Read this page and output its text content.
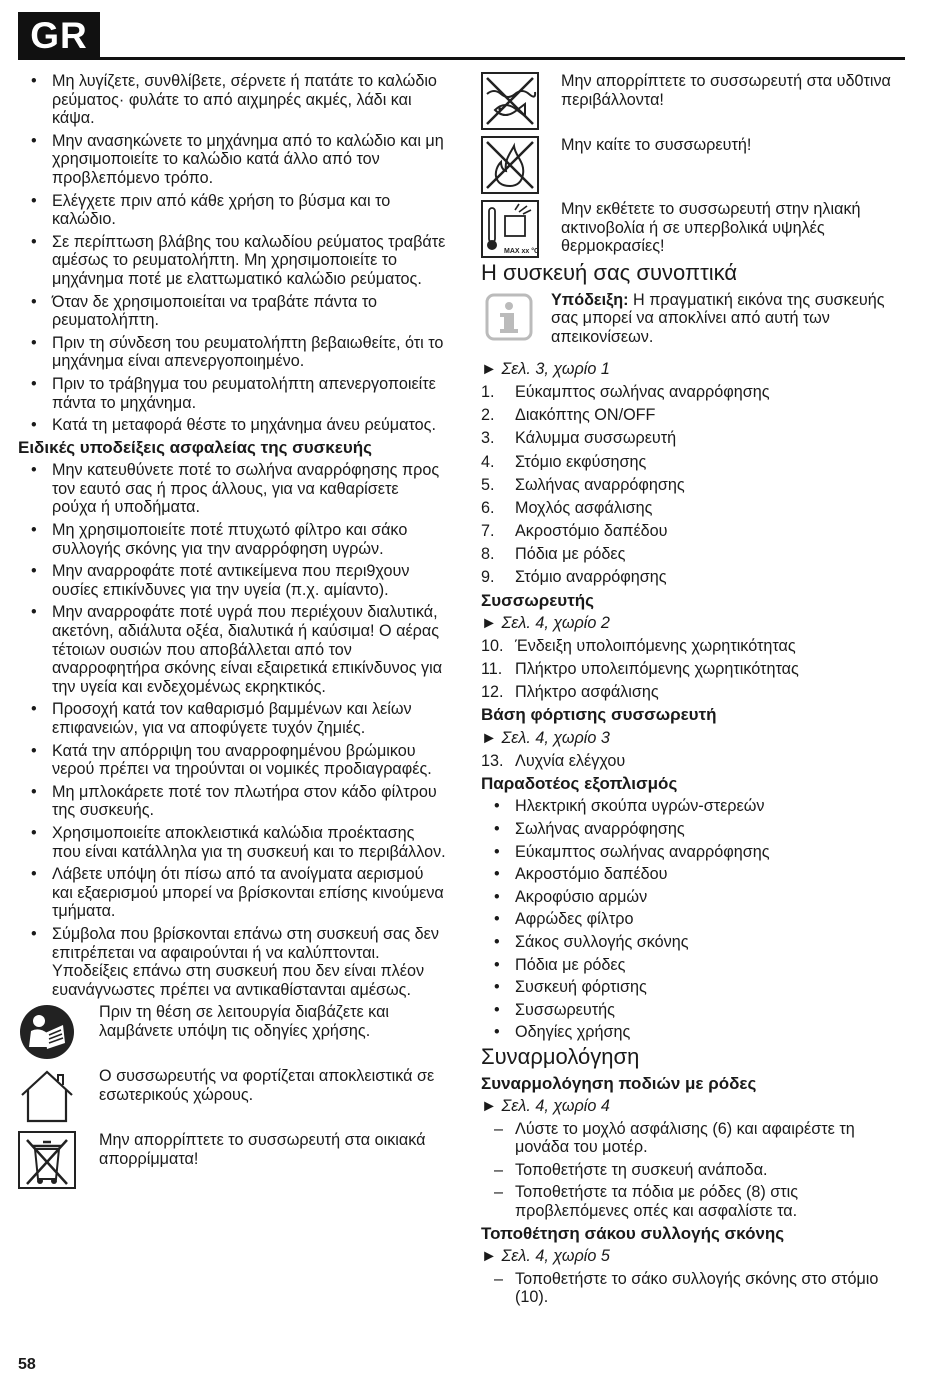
GR
• Μη λυγίζετε, συνθλίβετε, σέρνετε ή πατάτε το καλώδιο ρεύματος· φυλάτε το από αιχμηρές ακμές, λάδι και κάψα.
• Μην ανασηκώνετε το μηχάνημα από το καλώδιο και μη χρησιμοποιείτε το καλώδιο κατά άλλο από τον προβλεπόμενο τρόπο.
• Ελέγχετε πριν από κάθε χρήση το βύσμα και το καλώδιο.
• Σε περίπτωση βλάβης του καλωδίου ρεύματος τραβάτε αμέσως το ρευματολήπτη. Μη χρησιμοποιείτε το μηχάνημα ποτέ με ελαττωματικό καλώδιο ρεύματος.
• Όταν δε χρησιμοποιείται να τραβάτε πάντα το ρευματολήπτη.
• Πριν τη σύνδεση του ρευματολήπτη βεβαιωθείτε, ότι το μηχάνημα είναι απενεργοποιημένο.
• Πριν το τράβηγμα του ρευματολήπτη απενεργοποιείτε πάντα το μηχάνημα.
• Κατά τη μεταφορά θέστε το μηχάνημα άνευ ρεύματος.
Ειδικές υποδείξεις ασφαλείας της συσκευής
• Μην κατευθύνετε ποτέ το σωλήνα αναρρόφησης προς τον εαυτό σας ή προς άλλους, για να καθαρίσετε ρούχα ή υποδήματα.
• Μη χρησιμοποιείτε ποτέ πτυχωτό φίλτρο και σάκο συλλογής σκόνης για την αναρρόφηση υγρών.
• Μην αναρροφάτε ποτέ αντικείμενα που περι9χουν ουσίες επικίνδυνες για την υγεία (π.χ. αμίαντο).
• Μην αναρροφάτε ποτέ υγρά που περιέχουν διαλυτικά, ακετόνη, αδιάλυτα οξέα, διαλυτικά ή καύσιμα! Ο αέρας τέτοιων ουσιών που αποβάλλεται από τον αναρροφητήρα σκόνης είναι εξαιρετικά επικίνδυνος για την υγεία και ενδεχομένως εκρηκτικός.
• Προσοχή κατά τον καθαρισμό βαμμένων και λείων επιφανειών, για να αποφύγετε τυχόν ζημιές.
• Κατά την απόρριψη του αναρροφημένου βρώμικου νερού πρέπει να τηρούνται οι νομικές προδιαγραφές.
• Μη μπλοκάρετε ποτέ τον πλωτήρα στον κάδο φίλτρου της συσκευής.
• Χρησιμοποιείτε αποκλειστικά καλώδια προέκτασης που είναι κατάλληλα για τη συσκευή και το περιβάλλον.
• Λάβετε υπόψη ότι πίσω από τα ανοίγματα αερισμού και εξαερισμού μπορεί να βρίσκονται επίσης κινούμενα τμήματα.
• Σύμβολα που βρίσκονται επάνω στη συσκευή σας δεν επιτρέπεται να αφαιρούνται ή να καλύπτονται. Υποδείξεις επάνω στη συσκευή που δεν είναι πλέον ευανάγνωστες πρέπει να αντικαθίστανται αμέσως.
Πριν τη θέση σε λειτουργία διαβάζετε και λαμβάνετε υπόψη τις οδηγίες χρήσης.
Ο συσσωρευτής να φορτίζεται αποκλειστικά σε εσωτερικούς χώρους.
Μην απορρίπτετε το συσσωρευτή στα οικιακά απορρίμματα!
Μην απορρίπτετε το συσσωρευτή στα υδ0τινα περιβάλλοντα!
Μην καίτε το συσσωρευτή!
MAX xx °C
Μην εκθέτετε το συσσωρευτή στην ηλιακή ακτινοβολία ή σε υπερβολικά υψηλές θερμοκρασίες!
Η συσκευή σας συνοπτικά
Υπόδειξη: Η πραγματική εικόνα της συσκευής σας μπορεί να αποκλίνει από αυτή των απεικονίσεων.
► Σελ. 3, χωρίο 1
1. Εύκαμπτος σωλήνας αναρρόφησης
2. Διακόπτης ON/OFF
3. Κάλυμμα συσσωρευτή
4. Στόμιο εκφύσησης
5. Σωλήνας αναρρόφησης
6. Μοχλός ασφάλισης
7. Ακροστόμιο δαπέδου
8. Πόδια με ρόδες
9. Στόμιο αναρρόφησης
Συσσωρευτής
► Σελ. 4, χωρίο 2
10. Ένδειξη υπολοιπόμενης χωρητικότητας
11. Πλήκτρο υπολειπόμενης χωρητικότητας
12. Πλήκτρο ασφάλισης
Βάση φόρτισης συσσωρευτή
► Σελ. 4, χωρίο 3
13. Λυχνία ελέγχου
Παραδοτέος εξοπλισμός
• Ηλεκτρική σκούπα υγρών-στερεών
• Σωλήνας αναρρόφησης
• Εύκαμπτος σωλήνας αναρρόφησης
• Ακροστόμιο δαπέδου
• Ακροφύσιο αρμών
• Αφρώδες φίλτρο
• Σάκος συλλογής σκόνης
• Πόδια με ρόδες
• Συσκευή φόρτισης
• Συσσωρευτής
• Οδηγίες χρήσης
Συναρμολόγηση
Συναρμολόγηση ποδιών με ρόδες
► Σελ. 4, χωρίο 4
– Λύστε το μοχλό ασφάλισης (6) και αφαιρέστε τη μονάδα του μοτέρ.
– Τοποθετήστε τη συσκευή ανάποδα.
– Τοποθετήστε τα πόδια με ρόδες (8) στις προβλεπόμενες οπές και ασφαλίστε τα.
Τοποθέτηση σάκου συλλογής σκόνης
► Σελ. 4, χωρίο 5
– Τοποθετήστε το σάκο συλλογής σκόνης στο στόμιο (10).
58
